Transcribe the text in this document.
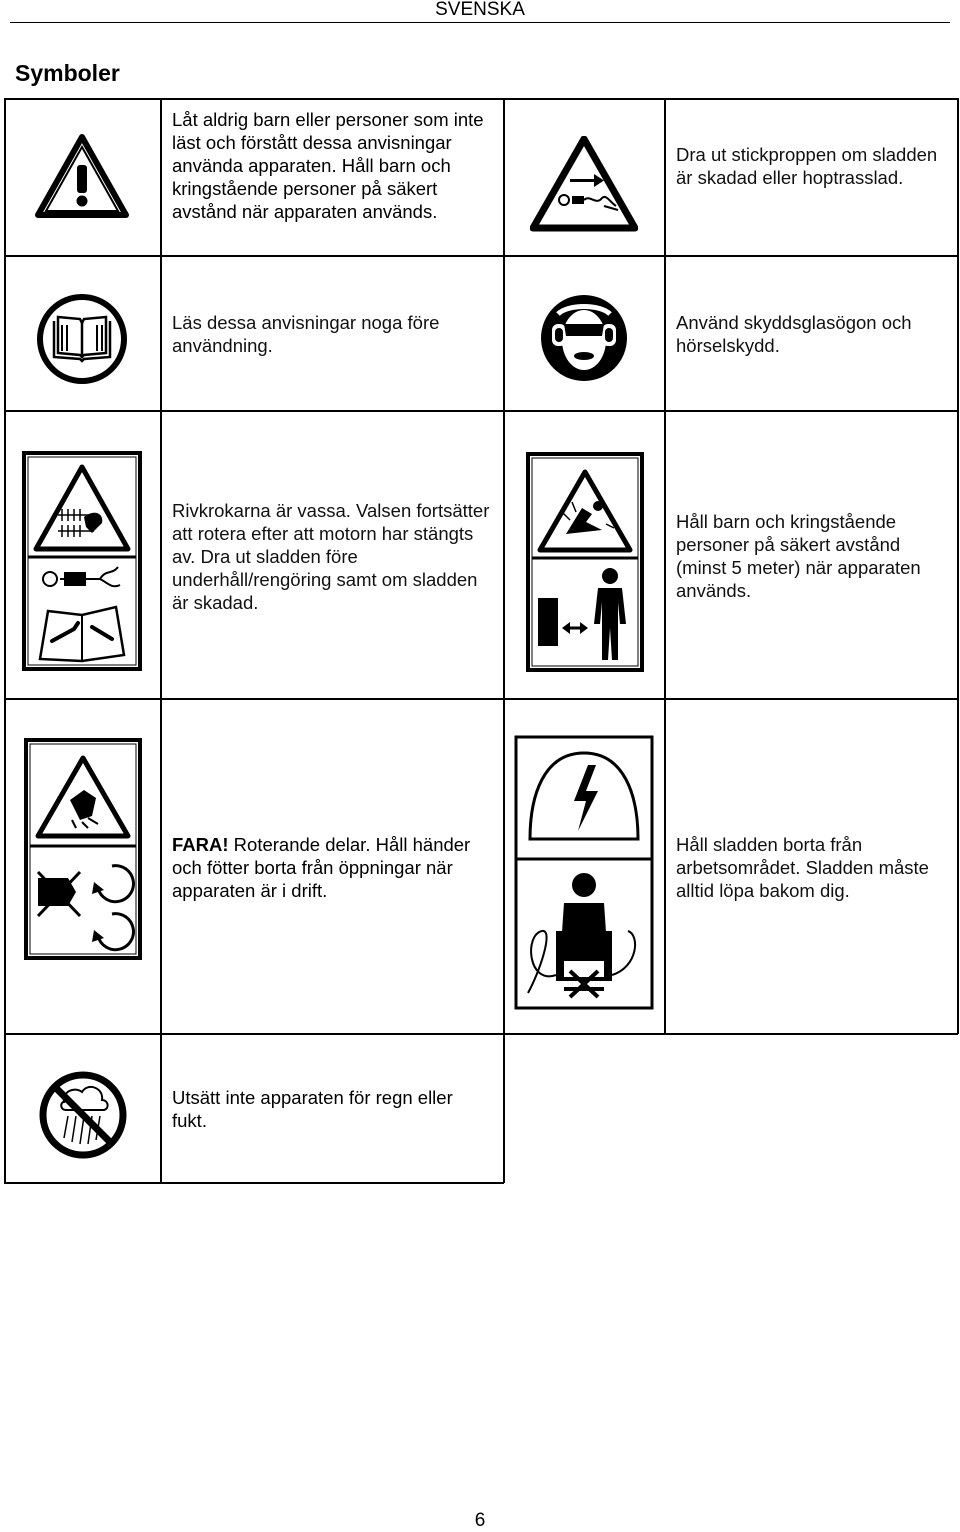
SVENSKA
Symboler
Låt aldrig barn eller personer som inte läst och förstått dessa anvisningar använda apparaten. Håll barn och kringstående personer på säkert avstånd när apparaten används.
Dra ut stickproppen om sladden är skadad eller hoptrasslad.
Läs dessa anvisningar noga före användning.
Använd skyddsglasögon och hörselskydd.
Rivkrokarna är vassa. Valsen fortsätter att rotera efter att motorn har stängts av. Dra ut sladden före underhåll/rengöring samt om sladden är skadad.
Håll barn och kringstående personer på säkert avstånd (minst 5 meter) när apparaten används.
FARA! Roterande delar. Håll händer och fötter borta från öppningar när apparaten är i drift.
Håll sladden borta från arbetsområdet. Sladden måste alltid löpa bakom dig.
Utsätt inte apparaten för regn eller fukt.
6
